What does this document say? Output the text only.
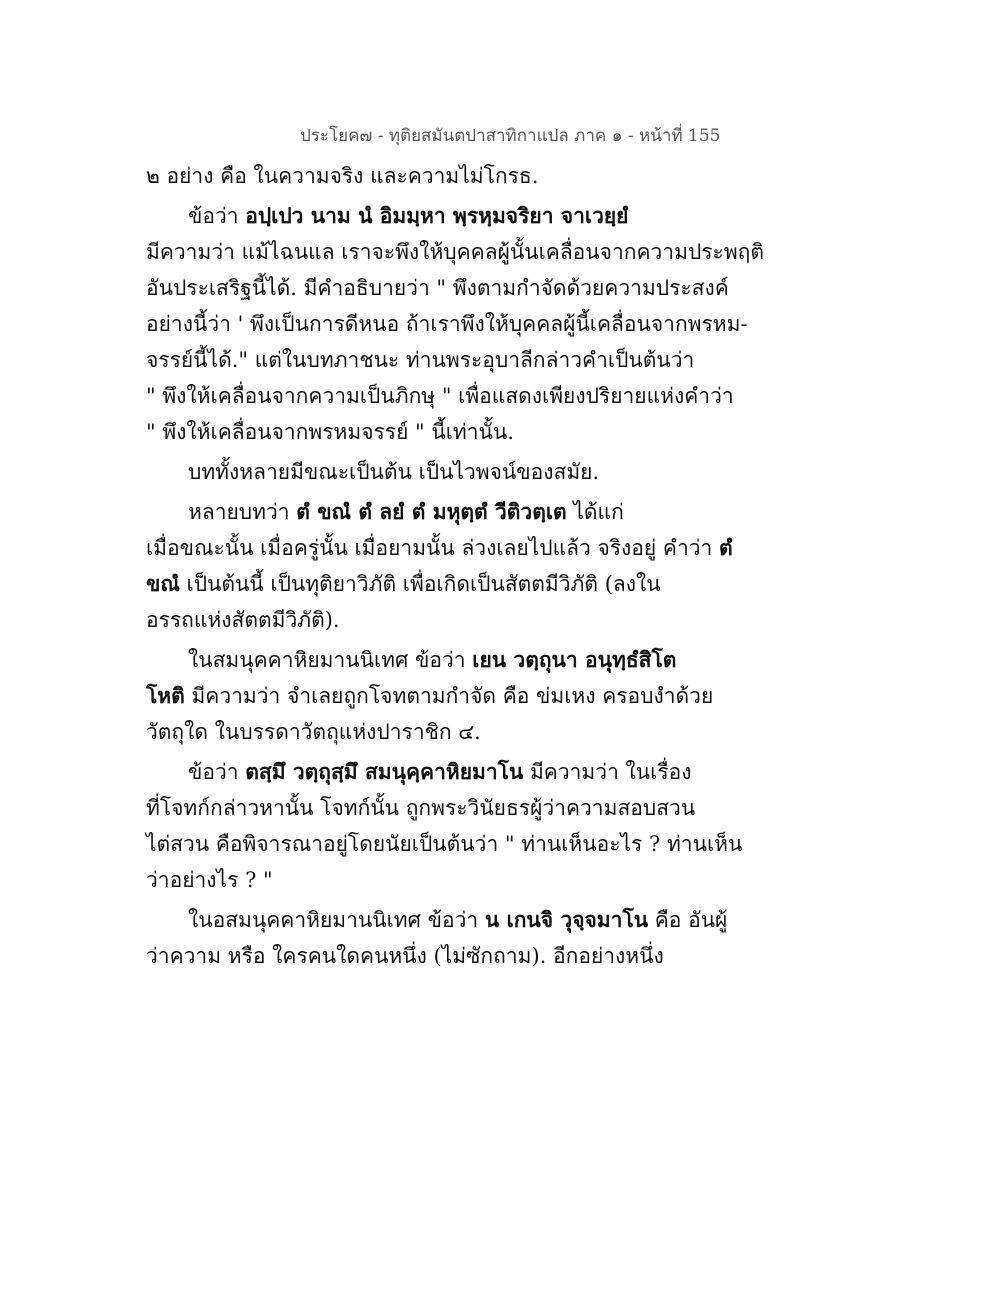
ประโยค๗ - ทุติยสมันตปาสาทิกาแปล ภาค ๑ - หน้าที่ 155
๒ อย่าง คือ ในความจริง และความไม่โกรธ.
ข้อว่า อปฺเปว นาม นํ อิมมฺหา พฺรหฺมจริยา จาเวยฺยํ
มีความว่า แม้ไฉนแล เราจะพึงให้บุคคลผู้นั้นเคลื่อนจากความประพฤติ
อันประเสริฐนี้ได้. มีคำอธิบายว่า " พึงตามกำจัดด้วยความประสงค์
อย่างนี้ว่า ' พึงเป็นการดีหนอ ถ้าเราพึงให้บุคคลผู้นี้เคลื่อนจากพรหม-
จรรย์นี้ได้." แต่ในบทภาชนะ ท่านพระอุบาลีกล่าวคำเป็นต้นว่า
" พึงให้เคลื่อนจากความเป็นภิกษุ " เพื่อแสดงเพียงปริยายแห่งคำว่า
" พึงให้เคลื่อนจากพรหมจรรย์ " นี้เท่านั้น.
บททั้งหลายมีขณะเป็นต้น เป็นไวพจน์ของสมัย.
หลายบทว่า ตํ ขณํ ตํ ลยํ ตํ มหุตฺตํ วีติวตฺเต ได้แก่
เมื่อขณะนั้น เมื่อครู่นั้น เมื่อยามนั้น ล่วงเลยไปแล้ว จริงอยู่ คำว่า ตํ
ขณํ เป็นต้นนี้ เป็นทุติยาวิภัติ เพื่อเกิดเป็นสัตตมีวิภัติ (ลงใน
อรรถแห่งสัตตมีวิภัติ).
ในสมนุคคาหิยมานนิเทศ ข้อว่า เยน วตฺถุนา อนุทฺธํสิโต
โหติ มีความว่า จำเลยถูกโจทตามกำจัด คือ ข่มเหง ครอบงำด้วย
วัตถุใด ในบรรดาวัตถุแห่งปาราชิก ๔.
ข้อว่า ตสฺมึ วตฺถุสฺมึ สมนุคฺคาหิยมาโน มีความว่า ในเรื่อง
ที่โจทก์กล่าวหานั้น โจทก์นั้น ถูกพระวินัยธรผู้ว่าความสอบสวน
ไต่สวน คือพิจารณาอยู่โดยนัยเป็นต้นว่า " ท่านเห็นอะไร ? ท่านเห็น
ว่าอย่างไร ? "
ในอสมนุคคาหิยมานนิเทศ ข้อว่า น เกนจิ วุจฺจมาโน คือ อันผู้
ว่าความ หรือ ใครคนใดคนหนึ่ง (ไม่ซักถาม). อีกอย่างหนึ่ง
